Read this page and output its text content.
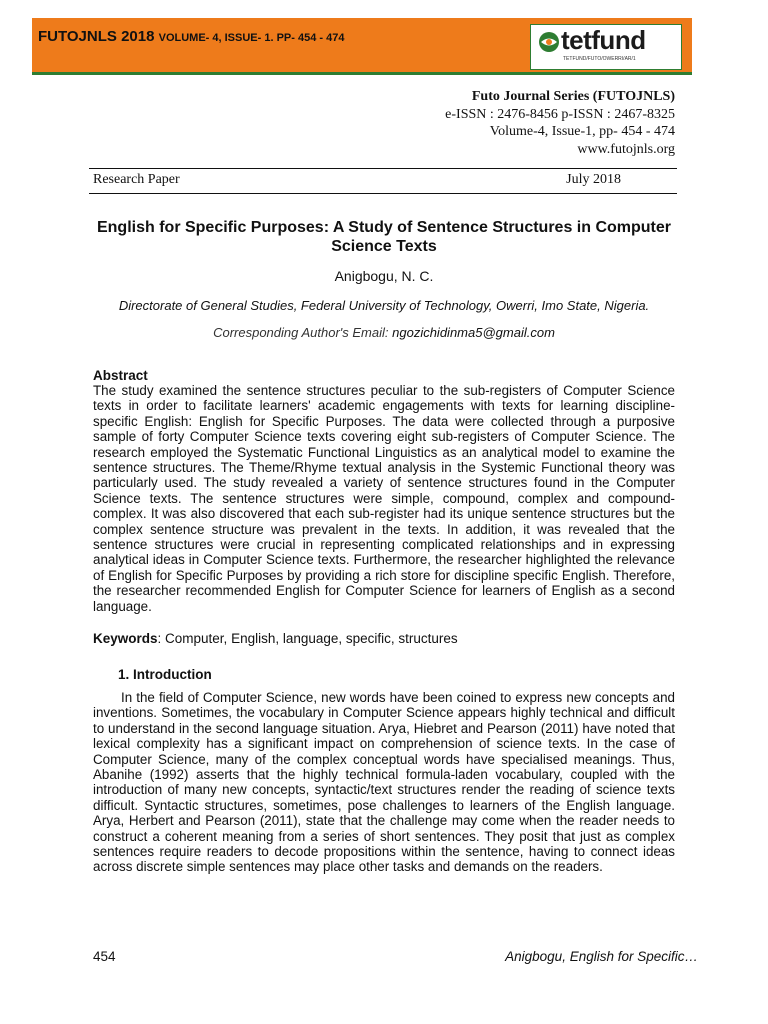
FUTOJNLS 2018 VOLUME- 4, ISSUE- 1. PP- 454 - 474	tetfund
TETFUND/FUTO/OWERRI/AR/1
Futo Journal Series (FUTOJNLS)
e-ISSN : 2476-8456 p-ISSN : 2467-8325
Volume-4, Issue-1, pp- 454 - 474
www.futojnls.org
Research Paper	July 2018
English for Specific Purposes: A Study of Sentence Structures in Computer Science Texts
Anigbogu, N. C.
Directorate of General Studies, Federal University of Technology, Owerri, Imo State, Nigeria.
Corresponding Author's Email: ngozichidinma5@gmail.com
Abstract
The study examined the sentence structures peculiar to the sub-registers of Computer Science texts in order to facilitate learners' academic engagements with texts for learning discipline-specific English: English for Specific Purposes. The data were collected through a purposive sample of forty Computer Science texts covering eight sub-registers of Computer Science. The research employed the Systematic Functional Linguistics as an analytical model to examine the sentence structures. The Theme/Rhyme textual analysis in the Systemic Functional theory was particularly used. The study revealed a variety of sentence structures found in the Computer Science texts. The sentence structures were simple, compound, complex and compound-complex. It was also discovered that each sub-register had its unique sentence structures but the complex sentence structure was prevalent in the texts. In addition, it was revealed that the sentence structures were crucial in representing complicated relationships and in expressing analytical ideas in Computer Science texts. Furthermore, the researcher highlighted the relevance of English for Specific Purposes by providing a rich store for discipline specific English. Therefore, the researcher recommended English for Computer Science for learners of English as a second language.
Keywords: Computer, English, language, specific, structures
1. Introduction
In the field of Computer Science, new words have been coined to express new concepts and inventions. Sometimes, the vocabulary in Computer Science appears highly technical and difficult to understand in the second language situation. Arya, Hiebret and Pearson (2011) have noted that lexical complexity has a significant impact on comprehension of science texts. In the case of Computer Science, many of the complex conceptual words have specialised meanings. Thus, Abanihe (1992) asserts that the highly technical formula-laden vocabulary, coupled with the introduction of many new concepts, syntactic/text structures render the reading of science texts difficult. Syntactic structures, sometimes, pose challenges to learners of the English language. Arya, Herbert and Pearson (2011), state that the challenge may come when the reader needs to construct a coherent meaning from a series of short sentences. They posit that just as complex sentences require readers to decode propositions within the sentence, having to connect ideas across discrete simple sentences may place other tasks and demands on the readers.
454	Anigbogu, English for Specific…
